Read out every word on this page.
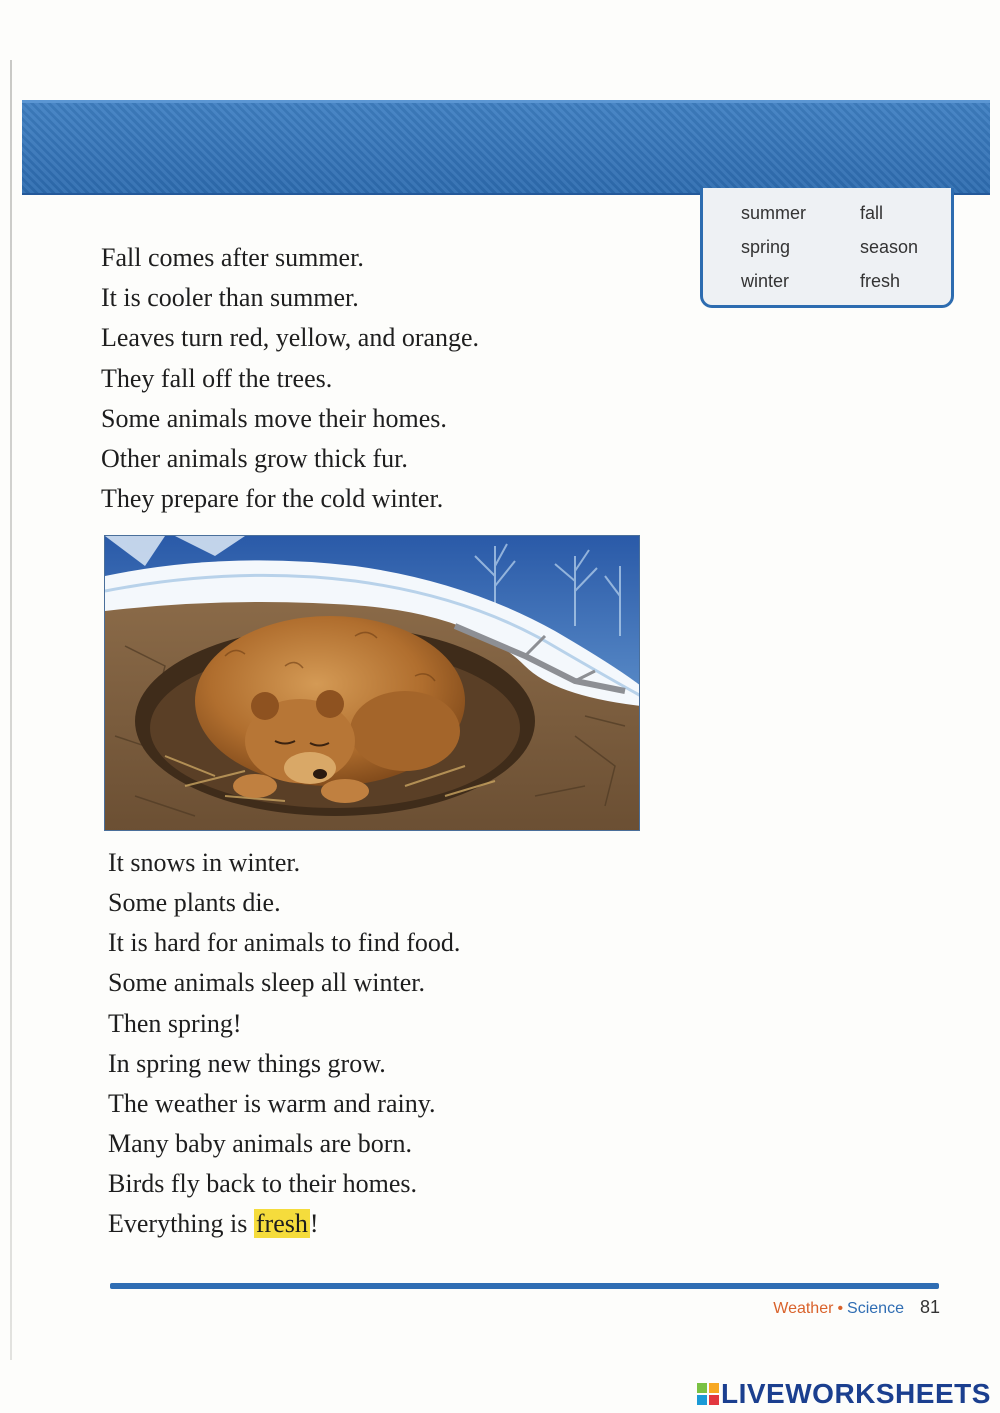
summer	fall
spring	season
winter	fresh
Fall comes after summer.
It is cooler than summer.
Leaves turn red, yellow, and orange.
They fall off the trees.
Some animals move their homes.
Other animals grow thick fur.
They prepare for the cold winter.
It snows in winter.
Some plants die.
It is hard for animals to find food.
Some animals sleep all winter.
Then spring!
In spring new things grow.
The weather is warm and rainy.
Many baby animals are born.
Birds fly back to their homes.
Everything is fresh!
Weather • Science 81
LIVEWORKSHEETS
